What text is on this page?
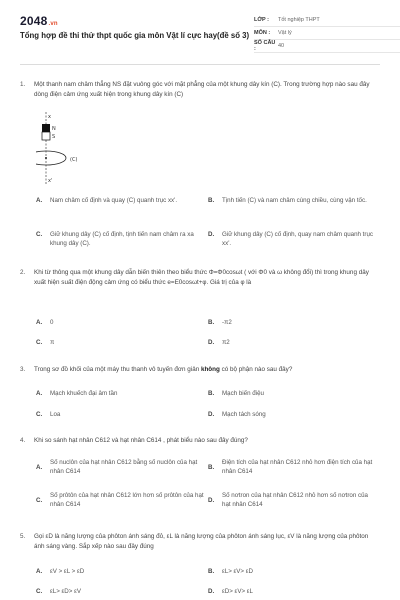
2048.vn
Tổng hợp đề thi thử thpt quốc gia môn Vật lí cực hay(đề số 3)
LỚP :	Tốt nghiệp THPT
MÔN :	Vật lý
SỐ CÂU :	40
1.	Một thanh nam châm thẳng NS đặt vuông góc với mặt phẳng của một khung dây kín (C). Trong trường hợp nào sau đây dòng điện cảm ứng xuất hiện trong khung dây kín (C)
x
N
S
(C)
x'
A. Nam châm cố định và quay (C) quanh trục xx'.	B. Tịnh tiến (C) và nam châm cùng chiều, cùng vận tốc.
C. Giữ khung dây (C) cố định, tịnh tiến nam châm ra xa khung dây (C).
D. Giữ khung dây (C) cố định, quay nam châm quanh trục xx'.
2.	Khi từ thông qua một khung dây dẫn biến thiên theo biểu thức Φ=Φ0cosωt ( với Φ0 và ω không đổi) thì trong khung dây xuất hiện suất điện động cảm ứng có biểu thức e=E0cosωt+φ. Giá trị của φ là
A. 0	B. -π2
C. π	D. π2
3.	Trong sơ đồ khối của một máy thu thanh vô tuyến đơn giản không có bộ phận nào sau đây?
A. Mạch khuếch đại âm tần	B. Mạch biến điệu
C. Loa	D. Mạch tách sóng
4.	Khi so sánh hạt nhân C612 và hạt nhân C614 , phát biểu nào sau đây đúng?
A.
Số nuclôn của hạt nhân C612 bằng số nuclôn của hạt nhân C614
B.
Điện tích của hạt nhân C612 nhỏ hơn điện tích của hạt nhân C614
C.
Số prôtôn của hạt nhân C612 lớn hơn số prôtôn của hạt nhân C614
D.
Số nơtron của hạt nhân C612 nhỏ hơn số nơtron của hạt nhân C614
5.	Gọi εD là năng lượng của phôton ánh sáng đỏ, εL là năng lượng của phôton ánh sáng lục, εV là năng lượng của phôton ánh sáng vàng. Sắp xếp nào sau đây đúng
A. εV > εL > εD	B. εL> εV> εD
C. εL> εD> εV	D. εD> εV> εL
